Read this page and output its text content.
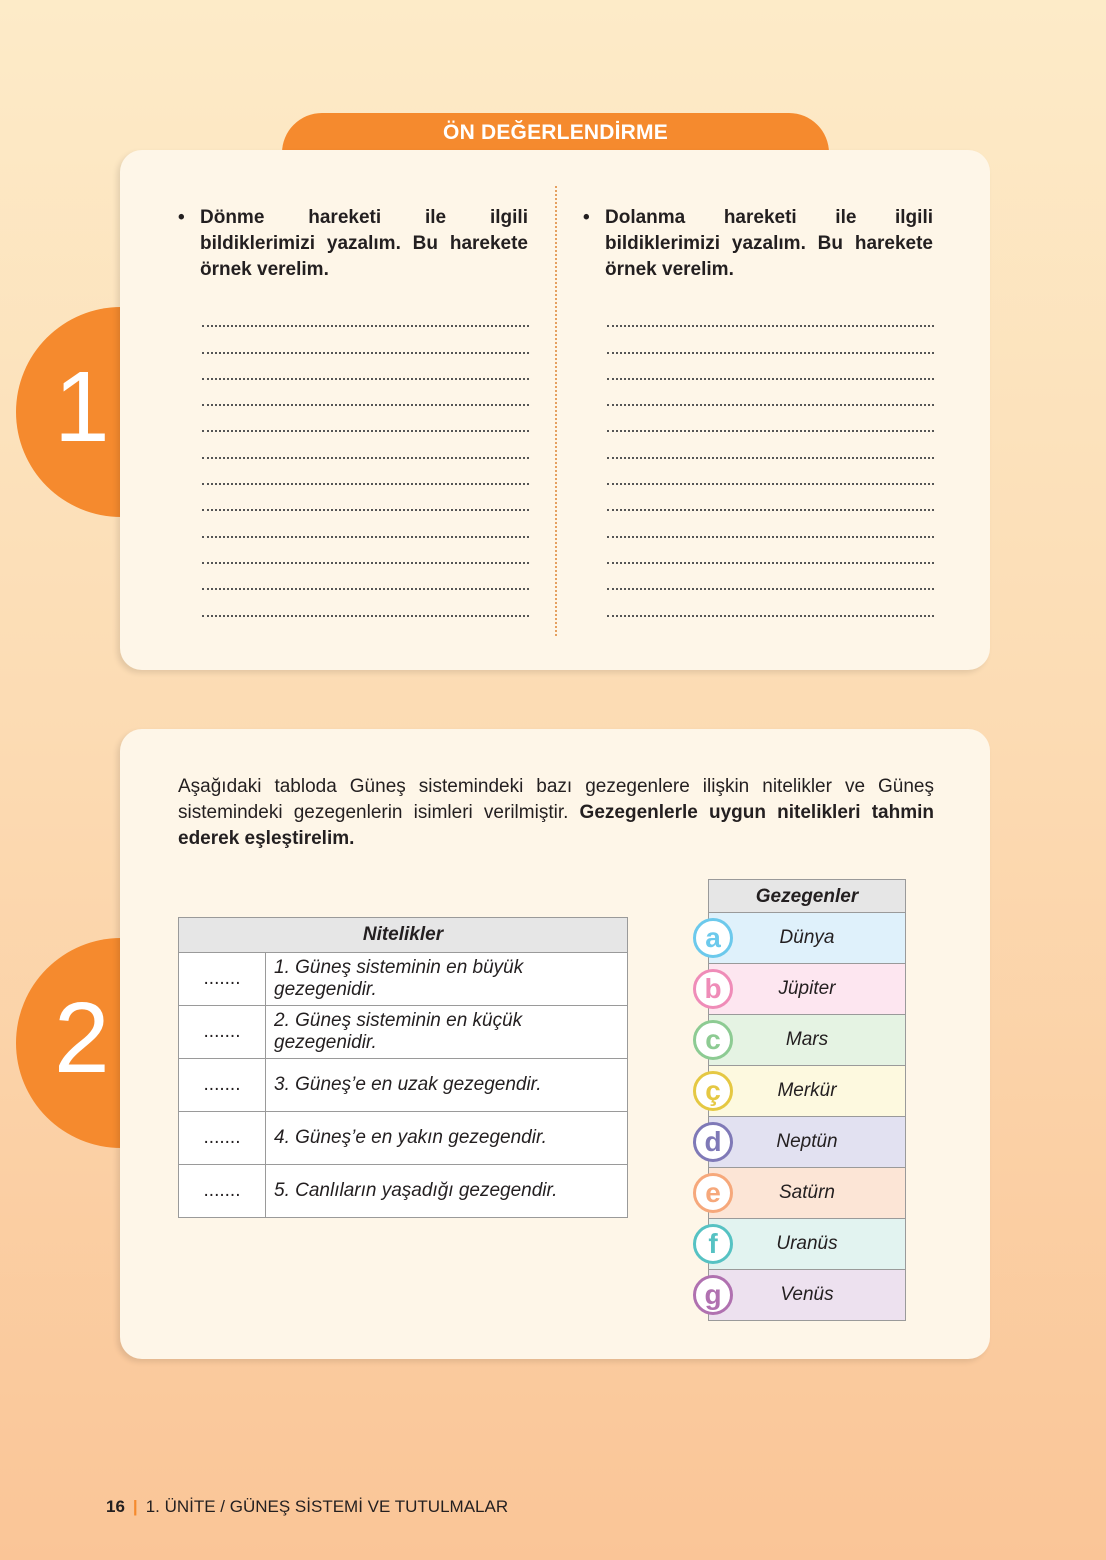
ÖN DEĞERLENDİRME
1
2
• Dönme hareketi ile ilgili bildiklerimizi yazalım. Bu harekete örnek verelim.
• Dolanma hareketi ile ilgili bildiklerimizi yazalım. Bu harekete örnek verelim.
Aşağıdaki tabloda Güneş sistemindeki bazı gezegenlere ilişkin nitelikler ve Güneş sistemindeki gezegenlerin isimleri verilmiştir. Gezegenlerle uygun nitelikleri tahmin ederek eşleştirelim.
Nitelikler	
.......	1. Güneş sisteminin en büyük gezegenidir.
.......	2. Güneş sisteminin en küçük gezegenidir.
.......	3. Güneş’e en uzak gezegendir.
.......	4. Güneş’e en yakın gezegendir.
.......	5. Canlıların yaşadığı gezegendir.
Gezegenler
a	Dünya
b	Jüpiter
c	Mars
ç	Merkür
d	Neptün
e	Satürn
f	Uranüs
g	Venüs
16 | 1. ÜNİTE / GÜNEŞ SİSTEMİ VE TUTULMALAR
